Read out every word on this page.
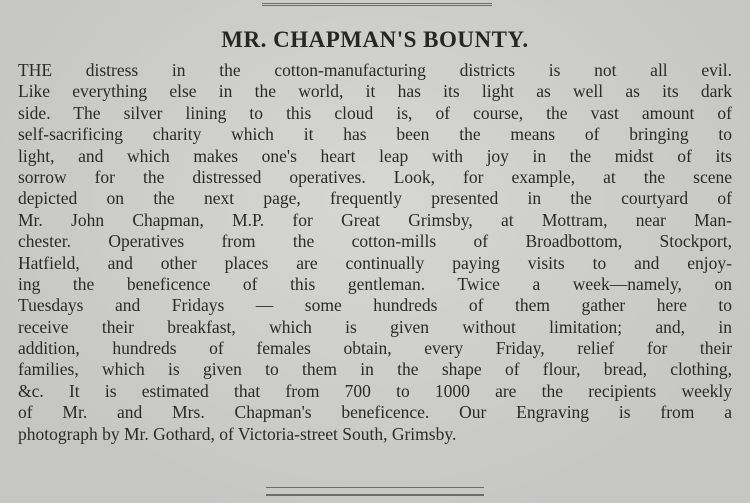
MR. CHAPMAN'S BOUNTY.
THE distress in the cotton-manufacturing districts is not all evil.
Like everything else in the world, it has its light as well as its dark
side. The silver lining to this cloud is, of course, the vast amount of
self-sacrificing charity which it has been the means of bringing to
light, and which makes one's heart leap with joy in the midst of its
sorrow for the distressed operatives. Look, for example, at the scene
depicted on the next page, frequently presented in the courtyard of
Mr. John Chapman, M.P. for Great Grimsby, at Mottram, near Man-
chester. Operatives from the cotton-mills of Broadbottom, Stockport,
Hatfield, and other places are continually paying visits to and enjoy-
ing the beneficence of this gentleman. Twice a week—namely, on
Tuesdays and Fridays — some hundreds of them gather here to
receive their breakfast, which is given without limitation; and, in
addition, hundreds of females obtain, every Friday, relief for their
families, which is given to them in the shape of flour, bread, clothing,
&c. It is estimated that from 700 to 1000 are the recipients weekly
of Mr. and Mrs. Chapman's beneficence. Our Engraving is from a
photograph by Mr. Gothard, of Victoria-street South, Grimsby.
